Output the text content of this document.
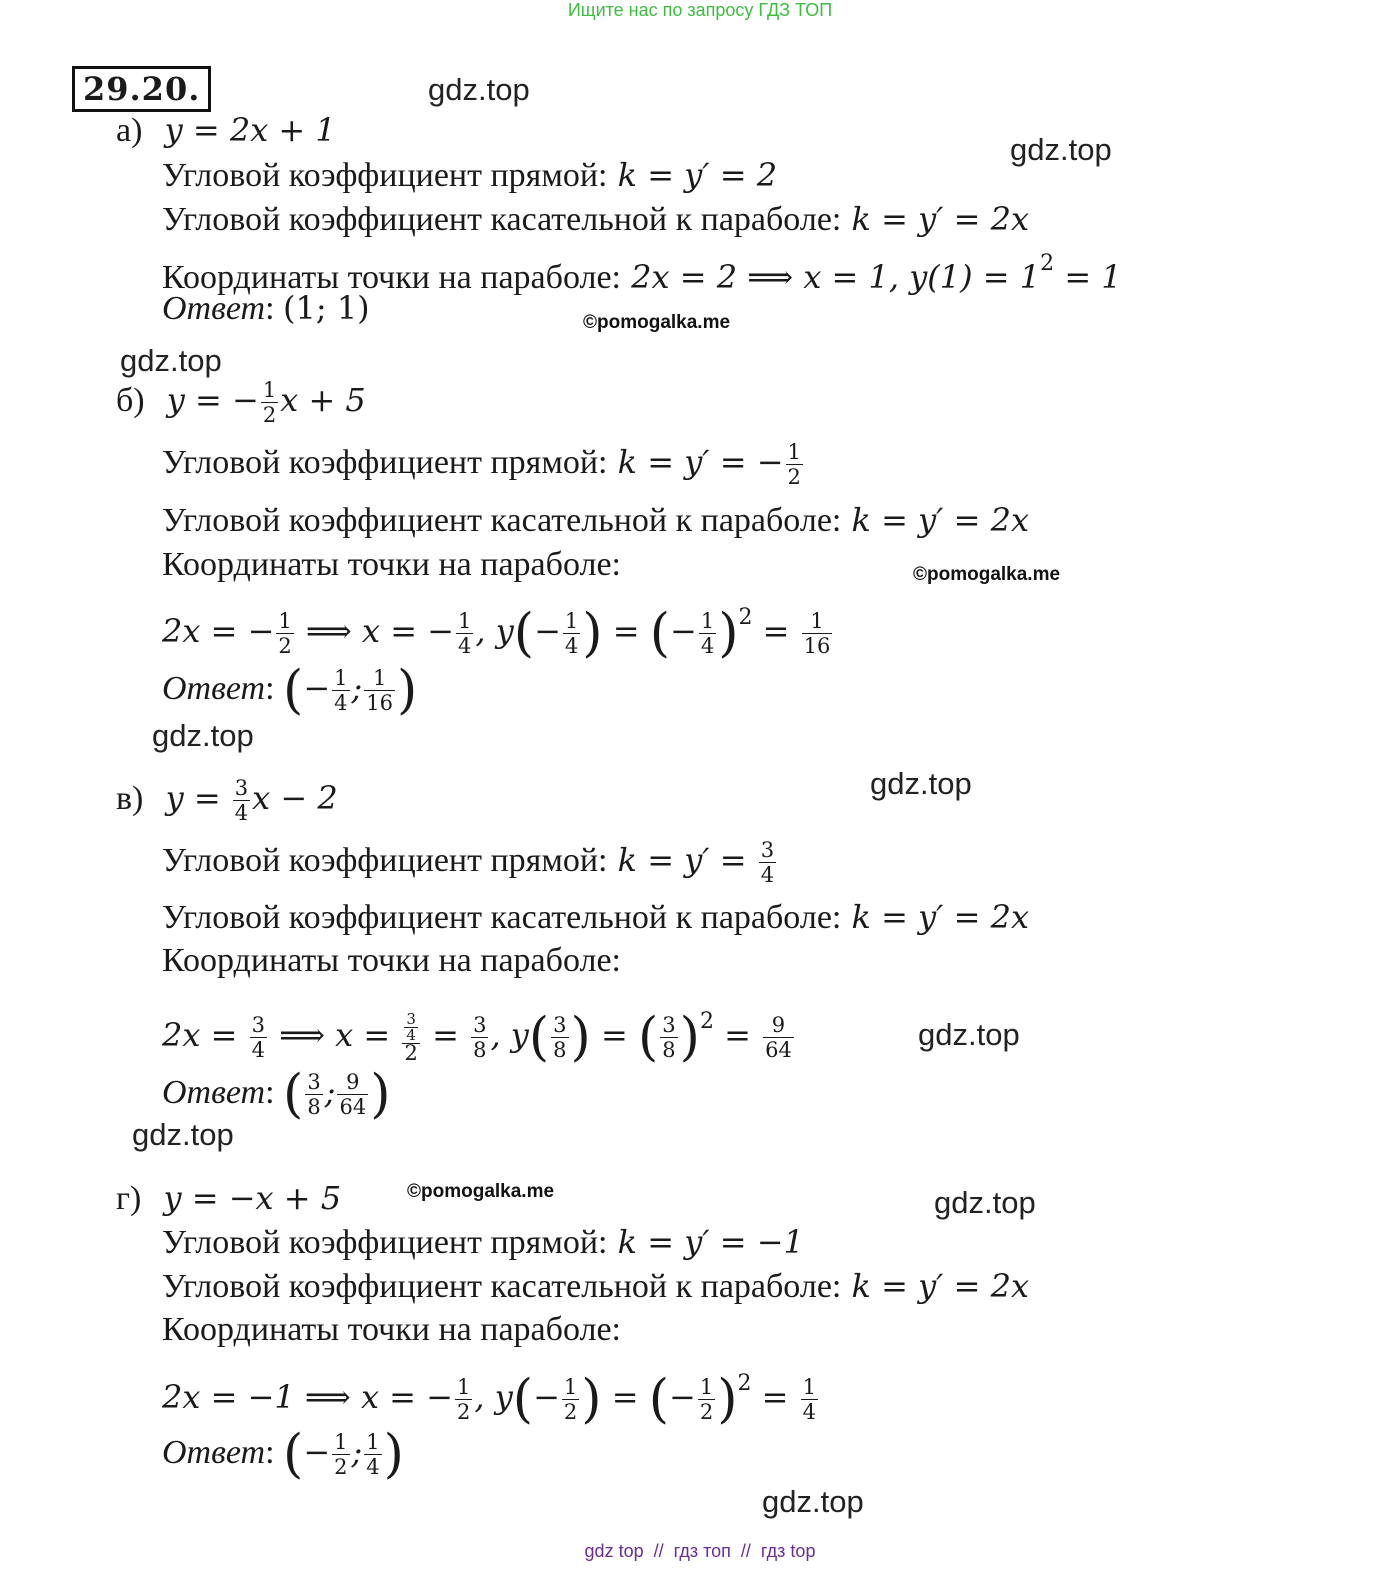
Ищите нас по запросу ГДЗ ТОП
29.20.	gdz.top
gdz.top
gdz.top
gdz.top
gdz.top
gdz.top
gdz.top
gdz.top
gdz.top
©pomogalka.me
©pomogalka.me
©pomogalka.me
а) y = 2x + 1
Угловой коэффициент прямой: k = y′ = 2
Угловой коэффициент касательной к параболе: k = y′ = 2x
Координаты точки на параболе: 2x = 2 ⟹ x = 1, $y(1) = 1^2 = 1$
Ответ: (1; 1)
б) y = − $\frac{1}{2}$ x + 5
Угловой коэффициент прямой: k = y′ = − $\frac{1}{2}$
Угловой коэффициент касательной к параболе: k = y′ = 2x
Координаты точки на параболе:
2x = − $\frac{1}{2}$ ⟹ x = − $\frac{1}{4}$ , $y(- \frac{1}{4}$ ) = (− $\frac{1}{4} )^2 = \frac{1}{16}$
Ответ: (− $\frac{1}{4}$ ; $\frac{1}{16}$ )
в) $y = \frac{3}{4}$ x − 2
Угловой коэффициент прямой: $k = y' = \frac{3}{4}$
Угловой коэффициент касательной к параболе: k = y′ = 2x
Координаты точки на параболе:
$2x = \frac{3}{4}$ ⟹ $x = \frac{\frac{3}{4}}{2} = \frac{3}{8}$ , $y( \frac{3}{8}$ ) = ( $\frac{3}{8} )^2 = \frac{9}{64}$
Ответ: ( $\frac{3}{8}$ ; $\frac{9}{64}$ )
г) y = −x + 5
Угловой коэффициент прямой: k = y′ = −1
Угловой коэффициент касательной к параболе: k = y′ = 2x
Координаты точки на параболе:
2x = −1 ⟹ x = − $\frac{1}{2}$ , $y(- \frac{1}{2}$ ) = (− $\frac{1}{2} )^2 = \frac{1}{4}$
Ответ: (− $\frac{1}{2}$ ; $\frac{1}{4}$ )
gdz top  //  гдз топ  //  гдз top
